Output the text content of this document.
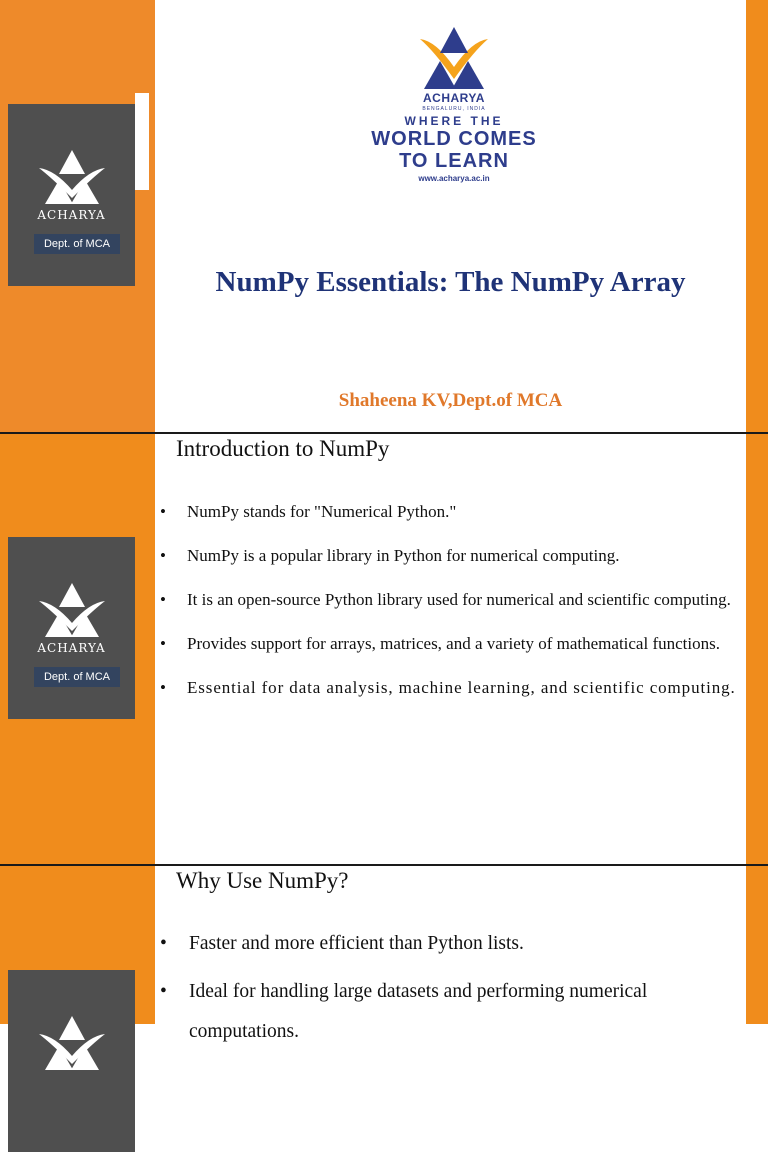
ACHARYA
Dept. of MCA
ACHARYA
BENGALURU, INDIA
WHERE THE
WORLD COMES
TO LEARN
www.acharya.ac.in
NumPy Essentials: The NumPy Array
Shaheena KV,Dept.of MCA
ACHARYA
Dept. of MCA
Introduction to NumPy
• NumPy stands for "Numerical Python."
• NumPy is a popular library in Python for numerical computing.
• It is an open-source Python library used for numerical and scientific computing.
• Provides support for arrays, matrices, and a variety of mathematical functions.
• Essential for data analysis, machine learning, and scientific computing.
Why Use NumPy?
• Faster and more efficient than Python lists.
• Ideal for handling large datasets and performing numerical computations.
